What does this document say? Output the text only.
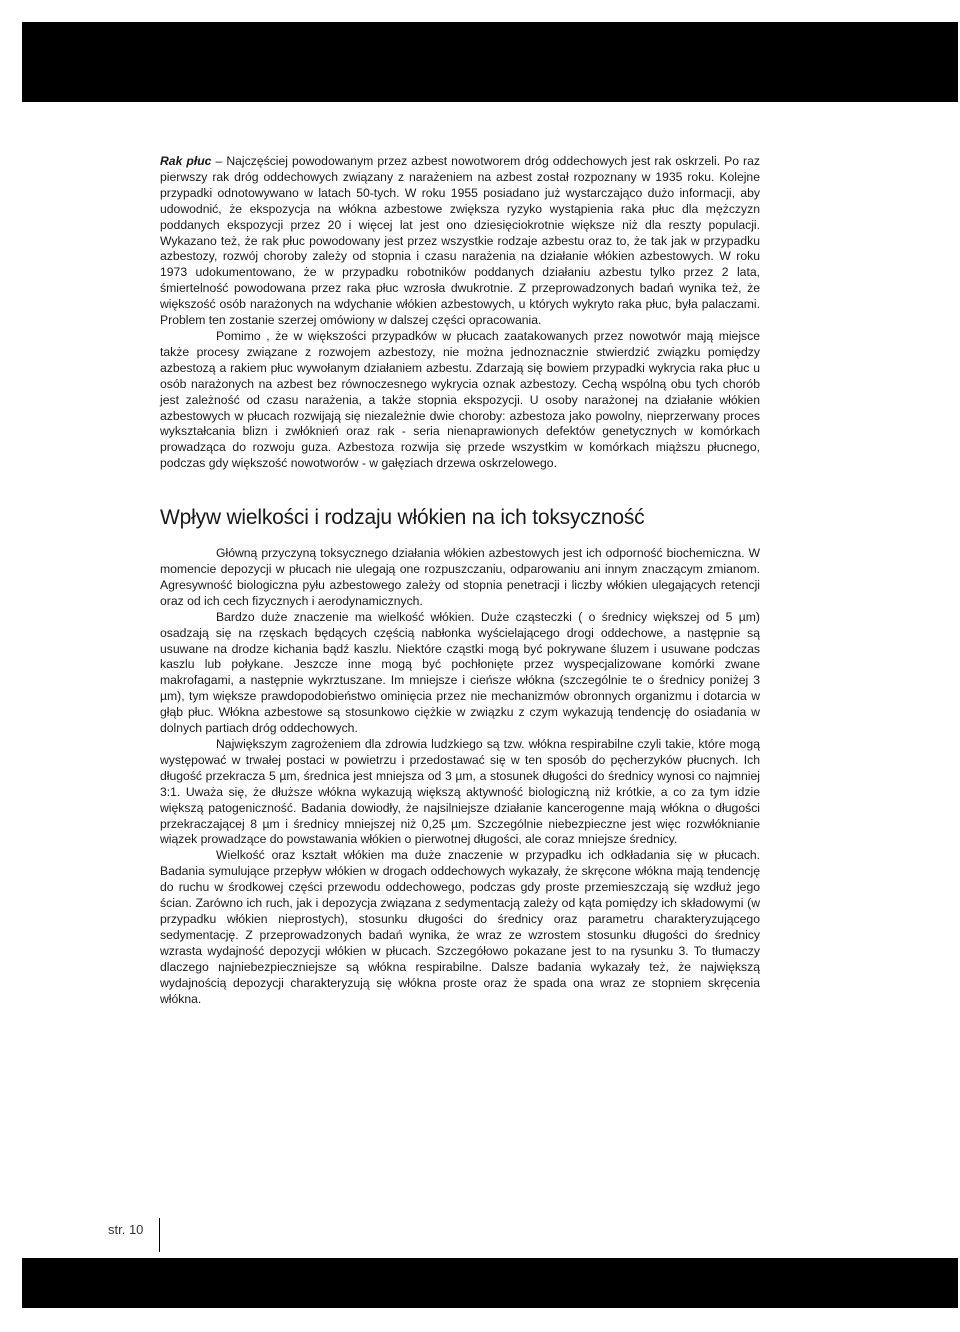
Rak płuc – Najczęściej powodowanym przez azbest nowotworem dróg oddechowych jest rak oskrzeli. Po raz pierwszy rak dróg oddechowych związany z narażeniem na azbest został rozpoznany w 1935 roku. Kolejne przypadki odnotowywano w latach 50-tych. W roku 1955 posiadano już wystarczająco dużo informacji, aby udowodnić, że ekspozycja na włókna azbestowe zwiększa ryzyko wystąpienia raka płuc dla mężczyzn poddanych ekspozycji przez 20 i więcej lat jest ono dziesięciokrotnie większe niż dla reszty populacji. Wykazano też, że rak płuc powodowany jest przez wszystkie rodzaje azbestu oraz to, że tak jak w przypadku azbestozy, rozwój choroby zależy od stopnia i czasu narażenia na działanie włókien azbestowych. W roku 1973 udokumentowano, że w przypadku robotników poddanych działaniu azbestu tylko przez 2 lata, śmiertelność powodowana przez raka płuc wzrosła dwukrotnie. Z przeprowadzonych badań wynika też, że większość osób narażonych na wdychanie włókien azbestowych, u których wykryto raka płuc, była palaczami. Problem ten zostanie szerzej omówiony w dalszej części opracowania.

Pomimo , że w większości przypadków w płucach zaatakowanych przez nowotwór mają miejsce także procesy związane z rozwojem azbestozy, nie można jednoznacznie stwierdzić związku pomiędzy azbestozą a rakiem płuc wywołanym działaniem azbestu. Zdarzają się bowiem przypadki wykrycia raka płuc u osób narażonych na azbest bez równoczesnego wykrycia oznak azbestozy. Cechą wspólną obu tych chorób jest zależność od czasu narażenia, a także stopnia ekspozycji. U osoby narażonej na działanie włókien azbestowych w płucach rozwijają się niezależnie dwie choroby: azbestoza jako powolny, nieprzerwany proces wykształcania blizn i zwłóknień oraz rak - seria nienaprawionych defektów genetycznych w komórkach prowadząca do rozwoju guza. Azbestoza rozwija się przede wszystkim w komórkach miąższu płucnego, podczas gdy większość nowotworów - w gałęziach drzewa oskrzelowego.

Wpływ wielkości i rodzaju włókien na ich toksyczność

Główną przyczyną toksycznego działania włókien azbestowych jest ich odporność biochemiczna. W momencie depozycji w płucach nie ulegają one rozpuszczaniu, odparowaniu ani innym znaczącym zmianom. Agresywność biologiczna pyłu azbestowego zależy od stopnia penetracji i liczby włókien ulegających retencji oraz od ich cech fizycznych i aerodynamicznych.

Bardzo duże znaczenie ma wielkość włókien. Duże cząsteczki ( o średnicy większej od 5 µm) osadzają się na rzęskach będących częścią nabłonka wyścielającego drogi oddechowe, a następnie są usuwane na drodze kichania bądź kaszlu. Niektóre cząstki mogą być pokrywane śluzem i usuwane podczas kaszlu lub połykane. Jeszcze inne mogą być pochłonięte przez wyspecjalizowane komórki zwane makrofagami, a następnie wykrztuszane. Im mniejsze i cieńsze włókna (szczególnie te o średnicy poniżej 3 µm), tym większe prawdopodobieństwo ominięcia przez nie mechanizmów obronnych organizmu i dotarcia w głąb płuc. Włókna azbestowe są stosunkowo ciężkie w związku z czym wykazują tendencję do osiadania w dolnych partiach dróg oddechowych.

Największym zagrożeniem dla zdrowia ludzkiego są tzw. włókna respirabilne czyli takie, które mogą występować w trwałej postaci w powietrzu i przedostawać się w ten sposób do pęcherzyków płucnych. Ich długość przekracza 5 µm, średnica jest mniejsza od 3 µm, a stosunek długości do średnicy wynosi co najmniej 3:1. Uważa się, że dłuższe włókna wykazują większą aktywność biologiczną niż krótkie, a co za tym idzie większą patogeniczność. Badania dowiodły, że najsilniejsze działanie kancerogenne mają włókna o długości przekraczającej 8 µm i średnicy mniejszej niż 0,25 µm. Szczególnie niebezpieczne jest więc rozwłóknianie wiązek prowadzące do powstawania włókien o pierwotnej długości, ale coraz mniejsze średnicy.

Wielkość oraz kształt włókien ma duże znaczenie w przypadku ich odkładania się w płucach. Badania symulujące przepływ włókien w drogach oddechowych wykazały, że skręcone włókna mają tendencję do ruchu w środkowej części przewodu oddechowego, podczas gdy proste przemieszczają się wzdłuż jego ścian. Zarówno ich ruch, jak i depozycja związana z sedymentacją zależy od kąta pomiędzy ich składowymi (w przypadku włókien nieprostych), stosunku długości do średnicy oraz parametru charakteryzującego sedymentację. Z przeprowadzonych badań wynika, że wraz ze wzrostem stosunku długości do średnicy wzrasta wydajność depozycji włókien w płucach. Szczegółowo pokazane jest to na rysunku 3. To tłumaczy dlaczego najniebezpieczniejsze są włókna respirabilne. Dalsze badania wykazały też, że największą wydajnością depozycji charakteryzują się włókna proste oraz że spada ona wraz ze stopniem skręcenia włókna.

str. 10
